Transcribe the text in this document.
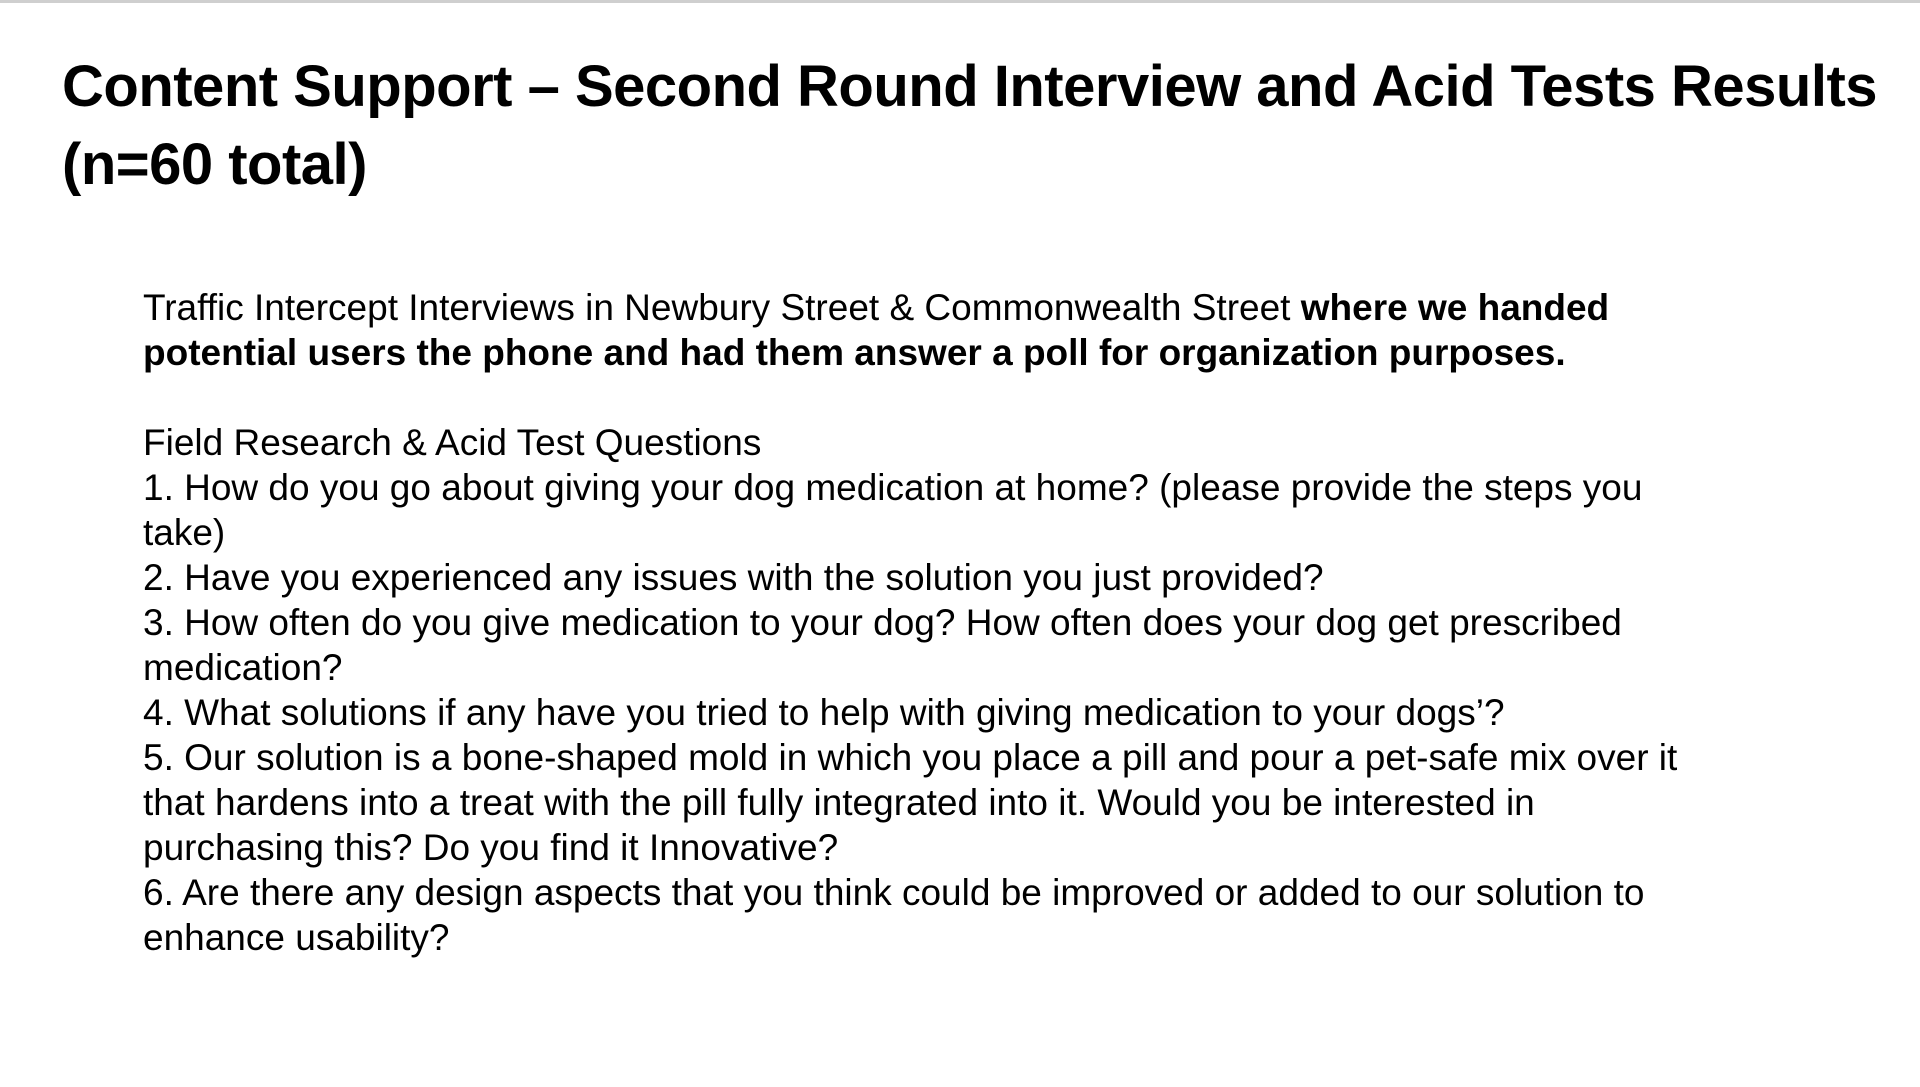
Content Support – Second Round Interview and Acid Tests Results (n=60 total)

Traffic Intercept Interviews in Newbury Street & Commonwealth Street where we handed potential users the phone and had them answer a poll for organization purposes.

Field Research & Acid Test Questions

1. How do you go about giving your dog medication at home? (please provide the steps you take)
2. Have you experienced any issues with the solution you just provided?
3. How often do you give medication to your dog? How often does your dog get prescribed medication?
4. What solutions if any have you tried to help with giving medication to your dogs’?
5. Our solution is a bone-shaped mold in which you place a pill and pour a pet-safe mix over it that hardens into a treat with the pill fully integrated into it. Would you be interested in purchasing this? Do you find it Innovative?
6. Are there any design aspects that you think could be improved or added to our solution to enhance usability?
